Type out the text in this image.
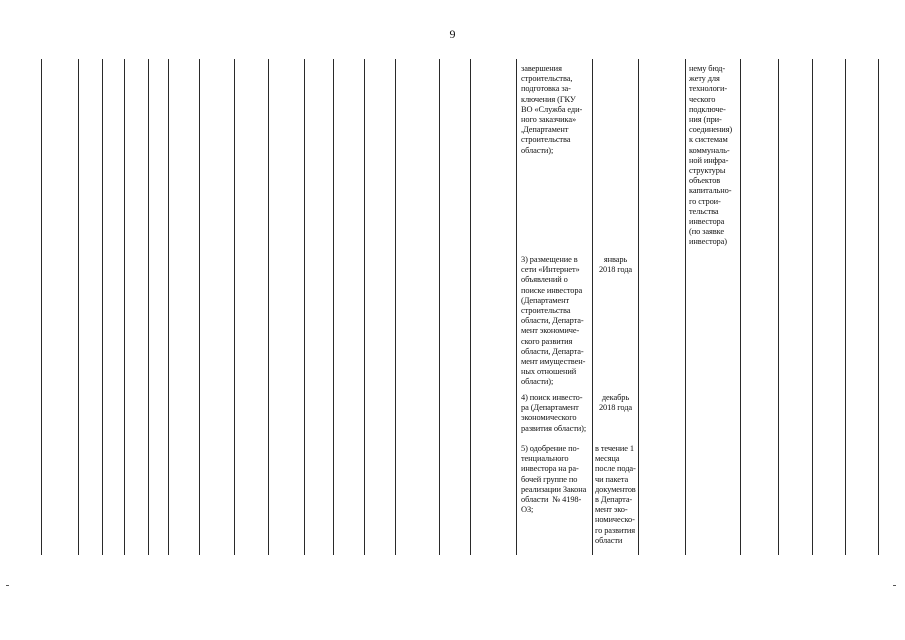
9
завершения
строительства,
подготовка за-
ключения (ГКУ
ВО «Служба еди-
ного заказчика»
,Департамент
строительства
области);
3) размещение в
сети «Интернет»
объявлений о
поиске инвестора
(Департамент
строительства
области, Департа-
мент экономиче-
ского развития
области, Департа-
мент имуществен-
ных отношений
области);
4) поиск инвесто-
ра (Департамент
экономического
развития области);
5) одобрение по-
тенциального
инвестора на ра-
бочей группе по
реализации Закона
области  № 4198-
ОЗ;
январь
2018 года
декабрь
2018 года
в течение 1
месяца
после пода-
чи пакета
документов
в Департа-
мент эко-
номическо-
го развития
области
нему бюд-
жету для
технологи-
ческого
подключе-
ния (при-
соединения)
к системам
коммуналь-
ной инфра-
структуры
объектов
капитально-
го строи-
тельства
инвестора
(по заявке
инвестора)
